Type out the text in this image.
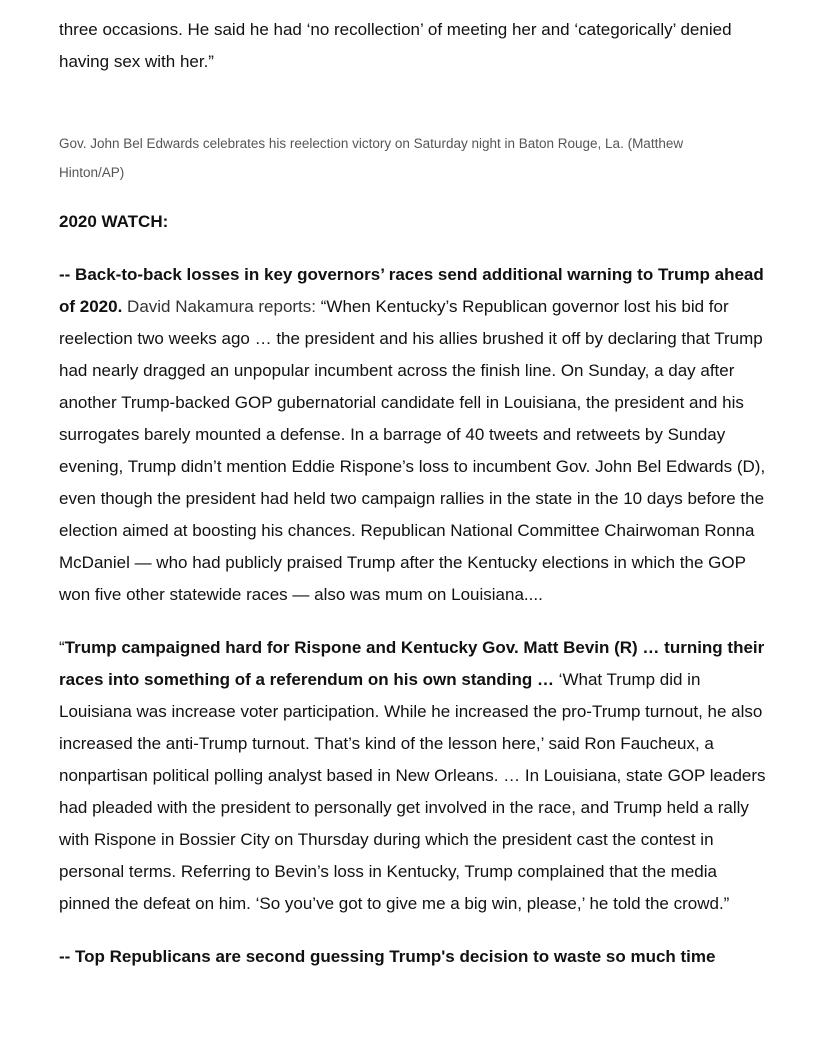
three occasions. He said he had ‘no recollection’ of meeting her and ‘categorically’ denied having sex with her.”

Gov. John Bel Edwards celebrates his reelection victory on Saturday night in Baton Rouge, La. (Matthew Hinton/AP)

2020 WATCH:

-- Back-to-back losses in key governors’ races send additional warning to Trump ahead of 2020. David Nakamura reports: “When Kentucky’s Republican governor lost his bid for reelection two weeks ago … the president and his allies brushed it off by declaring that Trump had nearly dragged an unpopular incumbent across the finish line. On Sunday, a day after another Trump-backed GOP gubernatorial candidate fell in Louisiana, the president and his surrogates barely mounted a defense. In a barrage of 40 tweets and retweets by Sunday evening, Trump didn’t mention Eddie Rispone’s loss to incumbent Gov. John Bel Edwards (D), even though the president had held two campaign rallies in the state in the 10 days before the election aimed at boosting his chances. Republican National Committee Chairwoman Ronna McDaniel — who had publicly praised Trump after the Kentucky elections in which the GOP won five other statewide races — also was mum on Louisiana....

“Trump campaigned hard for Rispone and Kentucky Gov. Matt Bevin (R) … turning their races into something of a referendum on his own standing … ‘What Trump did in Louisiana was increase voter participation. While he increased the pro-Trump turnout, he also increased the anti-Trump turnout. That’s kind of the lesson here,’ said Ron Faucheux, a nonpartisan political polling analyst based in New Orleans. … In Louisiana, state GOP leaders had pleaded with the president to personally get involved in the race, and Trump held a rally with Rispone in Bossier City on Thursday during which the president cast the contest in personal terms. Referring to Bevin’s loss in Kentucky, Trump complained that the media pinned the defeat on him. ‘So you’ve got to give me a big win, please,’ he told the crowd.”

-- Top Republicans are second guessing Trump's decision to waste so much time
